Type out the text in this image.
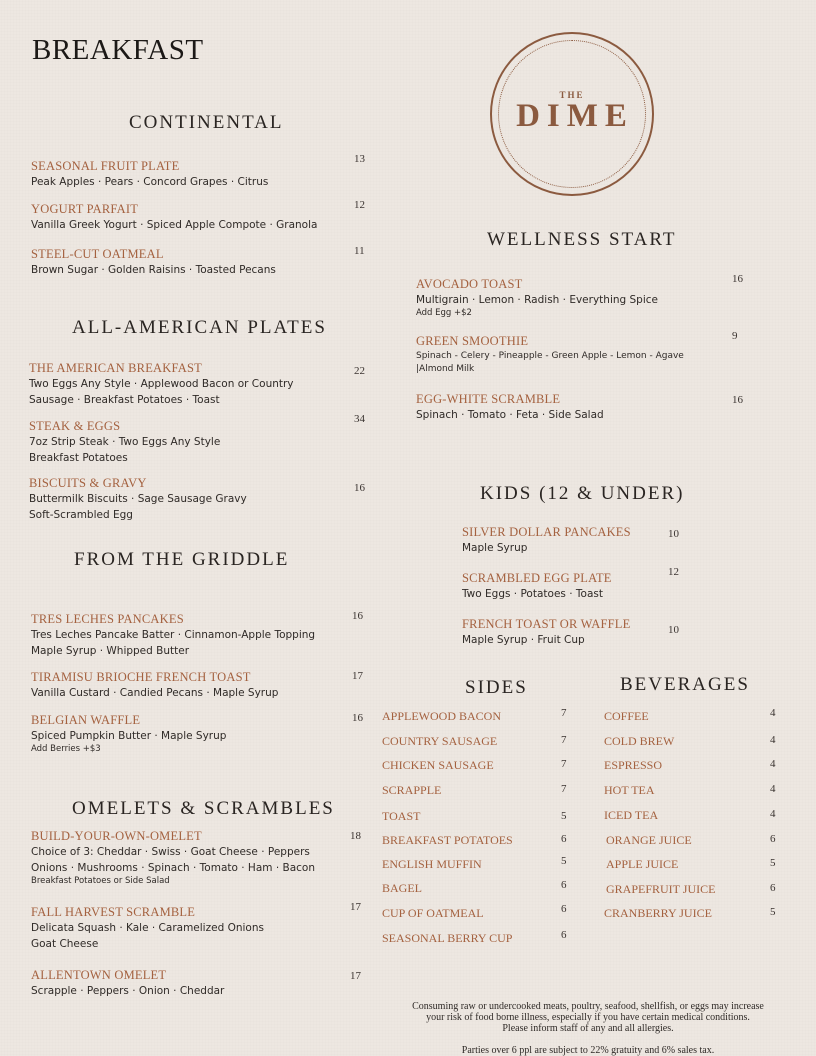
BREAKFAST
THE
DIME
CONTINENTAL
SEASONAL FRUIT PLATE
Peak Apples · Pears · Concord Grapes · Citrus
13
YOGURT PARFAIT
Vanilla Greek Yogurt · Spiced Apple Compote · Granola
12
STEEL-CUT OATMEAL
Brown Sugar · Golden Raisins · Toasted Pecans
11
ALL-AMERICAN PLATES
THE AMERICAN BREAKFAST
Two Eggs Any Style · Applewood Bacon or Country
Sausage · Breakfast Potatoes · Toast
22
STEAK & EGGS
7oz Strip Steak · Two Eggs Any Style
Breakfast Potatoes
34
BISCUITS & GRAVY
Buttermilk Biscuits · Sage Sausage Gravy
Soft-Scrambled Egg
16
FROM THE GRIDDLE
TRES LECHES PANCAKES
Tres Leches Pancake Batter · Cinnamon-Apple Topping
Maple Syrup · Whipped Butter
16
TIRAMISU BRIOCHE FRENCH TOAST
Vanilla Custard · Candied Pecans · Maple Syrup
17
BELGIAN WAFFLE
Spiced Pumpkin Butter · Maple Syrup
Add Berries +$3
16
OMELETS & SCRAMBLES
BUILD-YOUR-OWN-OMELET
Choice of 3: Cheddar · Swiss · Goat Cheese · Peppers
Onions · Mushrooms · Spinach · Tomato · Ham · Bacon
Breakfast Potatoes or Side Salad
18
FALL HARVEST SCRAMBLE
Delicata Squash · Kale · Caramelized Onions
Goat Cheese
17
ALLENTOWN OMELET
Scrapple · Peppers · Onion · Cheddar
17
WELLNESS START
AVOCADO TOAST
Multigrain · Lemon · Radish · Everything Spice
Add Egg +$2
16
GREEN SMOOTHIE
Spinach - Celery - Pineapple - Green Apple - Lemon - Agave
|Almond Milk
9
EGG-WHITE SCRAMBLE
Spinach · Tomato · Feta · Side Salad
16
KIDS (12 & UNDER)
SILVER DOLLAR PANCAKES
Maple Syrup
10
SCRAMBLED EGG PLATE
Two Eggs · Potatoes · Toast
12
FRENCH TOAST OR WAFFLE
Maple Syrup · Fruit Cup
10
SIDES
APPLEWOOD BACON	7
COUNTRY SAUSAGE	7
CHICKEN SAUSAGE	7
SCRAPPLE	7
TOAST	5
BREAKFAST POTATOES	6
ENGLISH MUFFIN	5
BAGEL	6
CUP OF OATMEAL	6
SEASONAL BERRY CUP	6
BEVERAGES
COFFEE	4
COLD BREW	4
ESPRESSO	4
HOT TEA	4
ICED TEA	4
ORANGE JUICE	6
APPLE JUICE	5
GRAPEFRUIT JUICE	6
CRANBERRY JUICE	5
Consuming raw or undercooked meats, poultry, seafood, shellfish, or eggs may increase
your risk of food borne illness, especially if you have certain medical conditions.
Please inform staff of any and all allergies.
Parties over 6 ppl are subject to 22% gratuity and 6% sales tax.
